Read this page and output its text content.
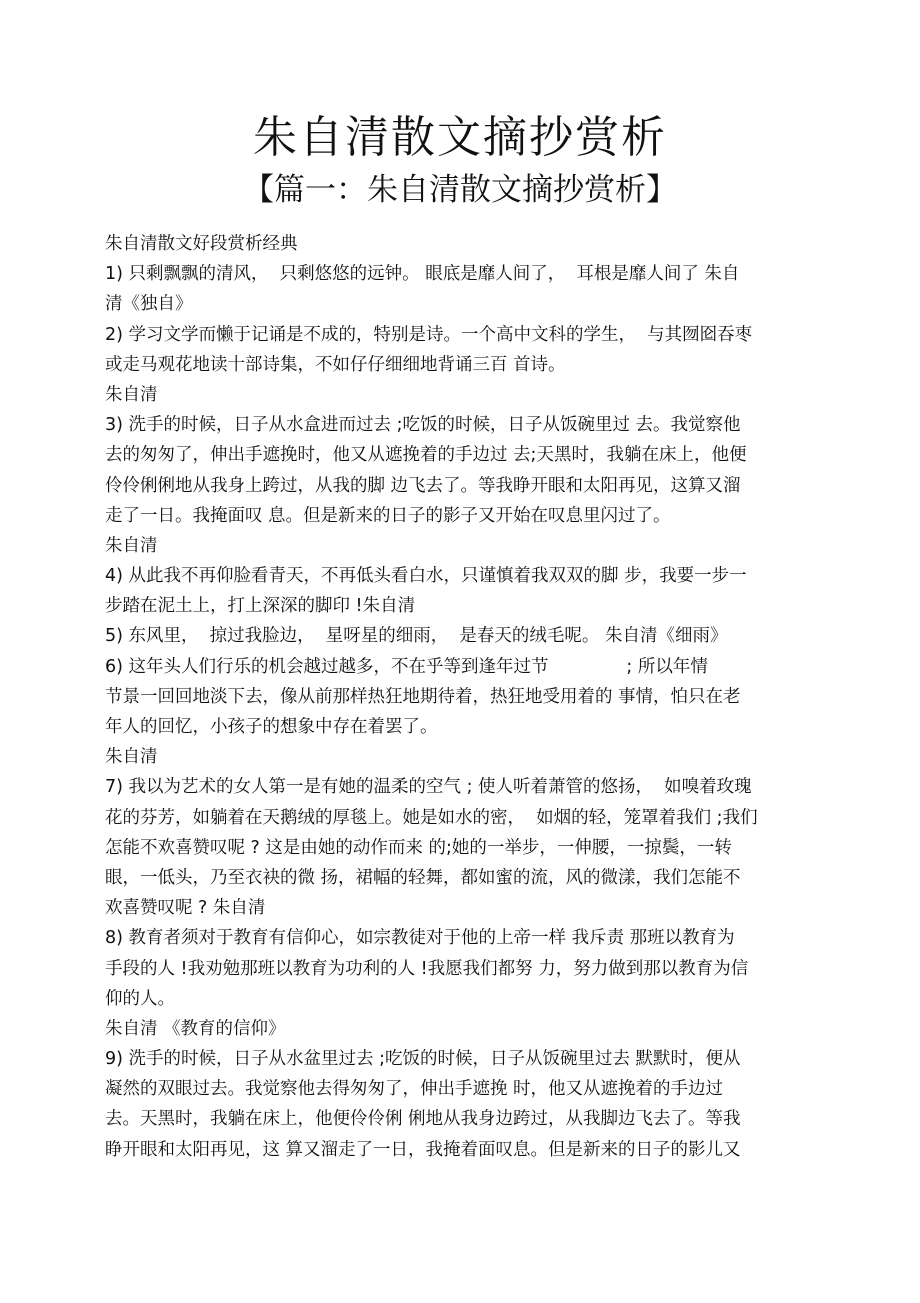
朱自清散文摘抄赏析
【篇一：朱自清散文摘抄赏析】
朱自清散文好段赏析经典
1) 只剩飘飘的清风，  只剩悠悠的远钟。 眼底是靡人间了，  耳根是靡人间了 朱自
清《独自》
2) 学习文学而懒于记诵是不成的，特别是诗。一个高中文科的学生，  与其囫囵吞枣
或走马观花地读十部诗集，不如仔仔细细地背诵三百 首诗。
朱自清
3) 洗手的时候，日子从水盒进而过去 ;吃饭的时候，日子从饭碗里过 去。我觉察他
去的匆匆了，伸出手遮挽时，他又从遮挽着的手边过 去;天黑时，我躺在床上，他便
伶伶俐俐地从我身上跨过，从我的脚 边飞去了。等我睁开眼和太阳再见，这算又溜
走了一日。我掩面叹 息。但是新来的日子的影子又开始在叹息里闪过了。
朱自清
4) 从此我不再仰脸看青天，不再低头看白水，只谨慎着我双双的脚 步，我要一步一
步踏在泥土上，打上深深的脚印 !朱自清
5) 东风里，  掠过我脸边，  星呀星的细雨，  是春天的绒毛呢。 朱自清《细雨》
6) 这年头人们行乐的机会越过越多，不在乎等到逢年过节              ; 所以年情
节景一回回地淡下去，像从前那样热狂地期待着，热狂地受用着的 事情，怕只在老
年人的回忆，小孩子的想象中存在着罢了。
朱自清
7) 我以为艺术的女人第一是有她的温柔的空气 ; 使人听着萧管的悠扬，  如嗅着玫瑰
花的芬芳，如躺着在天鹅绒的厚毯上。她是如水的密，  如烟的轻，笼罩着我们 ;我们
怎能不欢喜赞叹呢 ? 这是由她的动作而来 的;她的一举步，一伸腰，一掠鬓，一转
眼，一低头，乃至衣袂的微 扬，裙幅的轻舞，都如蜜的流，风的微漾，我们怎能不
欢喜赞叹呢 ? 朱自清
8) 教育者须对于教育有信仰心，如宗教徒对于他的上帝一样 我斥责 那班以教育为
手段的人 !我劝勉那班以教育为功利的人 !我愿我们都努 力，努力做到那以教育为信
仰的人。
朱自清 《教育的信仰》
9) 洗手的时候，日子从水盆里过去 ;吃饭的时候，日子从饭碗里过去 默默时，便从
凝然的双眼过去。我觉察他去得匆匆了，伸出手遮挽 时，他又从遮挽着的手边过
去。天黑时，我躺在床上，他便伶伶俐 俐地从我身边跨过，从我脚边飞去了。等我
睁开眼和太阳再见，这 算又溜走了一日，我掩着面叹息。但是新来的日子的影儿又
